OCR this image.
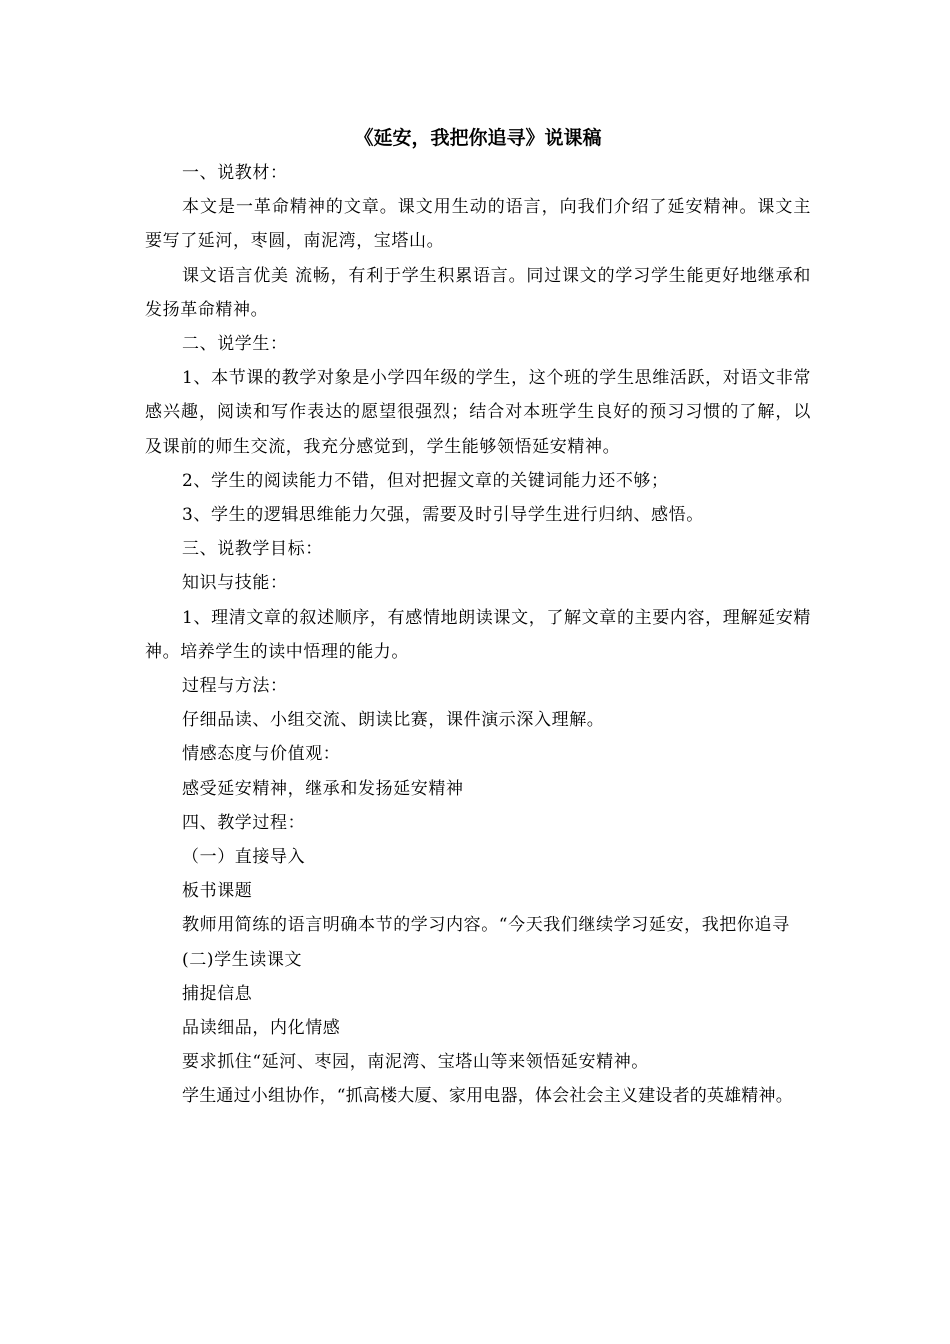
《延安，我把你追寻》说课稿

一、说教材：

本文是一革命精神的文章。课文用生动的语言，向我们介绍了延安精神。课文主要写了延河，枣圆，南泥湾，宝塔山。

课文语言优美 流畅，有利于学生积累语言。同过课文的学习学生能更好地继承和发扬革命精神。

二、说学生：

1、本节课的教学对象是小学四年级的学生，这个班的学生思维活跃，对语文非常感兴趣，阅读和写作表达的愿望很强烈；结合对本班学生良好的预习习惯的了解，以及课前的师生交流，我充分感觉到，学生能够领悟延安精神。

2、学生的阅读能力不错，但对把握文章的关键词能力还不够；

3、学生的逻辑思维能力欠强，需要及时引导学生进行归纳、感悟。

三、说教学目标：

知识与技能：

1、理清文章的叙述顺序，有感情地朗读课文，了解文章的主要内容，理解延安精神。培养学生的读中悟理的能力。

过程与方法：

仔细品读、小组交流、朗读比赛，课件演示深入理解。

情感态度与价值观：

感受延安精神，继承和发扬延安精神

四、教学过程：

（一）直接导入

板书课题

教师用简练的语言明确本节的学习内容。“今天我们继续学习延安，我把你追寻

(二)学生读课文

捕捉信息

品读细品，内化情感

要求抓住“延河、枣园，南泥湾、宝塔山等来领悟延安精神。

学生通过小组协作，“抓高楼大厦、家用电器，体会社会主义建设者的英雄精神。
